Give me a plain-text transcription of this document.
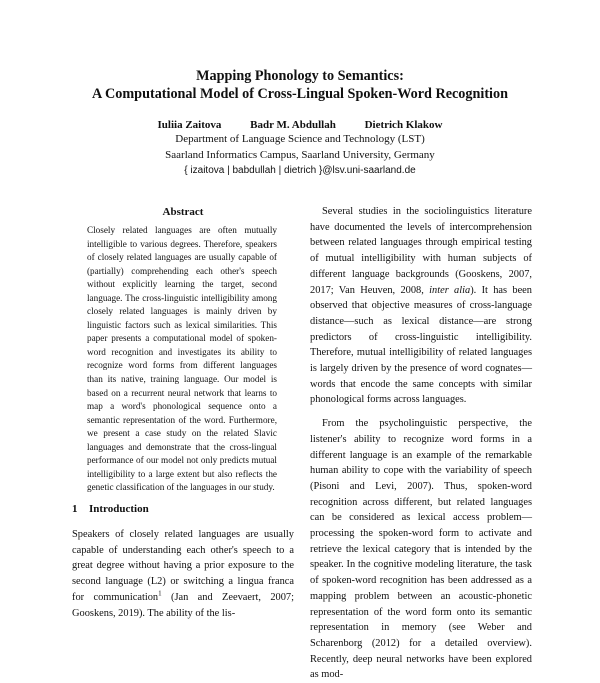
Mapping Phonology to Semantics:
A Computational Model of Cross-Lingual Spoken-Word Recognition
Iuliia Zaitova	Badr M. Abdullah	Dietrich Klakow
Department of Language Science and Technology (LST)
Saarland Informatics Campus, Saarland University, Germany
{ izaitova | babdullah | dietrich }@lsv.uni-saarland.de
Abstract
Closely related languages are often mutually intelligible to various degrees. Therefore, speakers of closely related languages are usually capable of (partially) comprehending each other's speech without explicitly learning the target, second language. The cross-linguistic intelligibility among closely related languages is mainly driven by linguistic factors such as lexical similarities. This paper presents a computational model of spoken-word recognition and investigates its ability to recognize word forms from different languages than its native, training language. Our model is based on a recurrent neural network that learns to map a word's phonological sequence onto a semantic representation of the word. Furthermore, we present a case study on the related Slavic languages and demonstrate that the cross-lingual performance of our model not only predicts mutual intelligibility to a large extent but also reflects the genetic classification of the languages in our study.
1 Introduction

Speakers of closely related languages are usually capable of understanding each other's speech to a great degree without having a prior exposure to the second language (L2) or switching a lingua franca for communication$^1$ (Jan and Zeevaert, 2007; Gooskens, 2019). The ability of the lis-

Several studies in the sociolinguistics literature have documented the levels of intercomprehension between related languages through empirical testing of mutual intelligibility with human subjects of different language backgrounds (Gooskens, 2007, 2017; Van Heuven, 2008, inter alia). It has been observed that objective measures of cross-language distance—such as lexical distance—are strong predictors of cross-linguistic intelligibility. Therefore, mutual intelligibility of related languages is largely driven by the presence of word cognates—words that encode the same concepts with similar phonological forms across languages.

From the psycholinguistic perspective, the listener's ability to recognize word forms in a different language is an example of the remarkable human ability to cope with the variability of speech (Pisoni and Levi, 2007). Thus, spoken-word recognition across different, but related languages can be considered as lexical access problem—processing the spoken-word form to activate and retrieve the lexical category that is intended by the speaker. In the cognitive modeling literature, the task of spoken-word recognition has been addressed as a mapping problem between an acoustic-phonetic representation of the word form onto its semantic representation in memory (see Weber and Scharenborg (2012) for a detailed overview). Recently, deep neural networks have been explored as mod-
